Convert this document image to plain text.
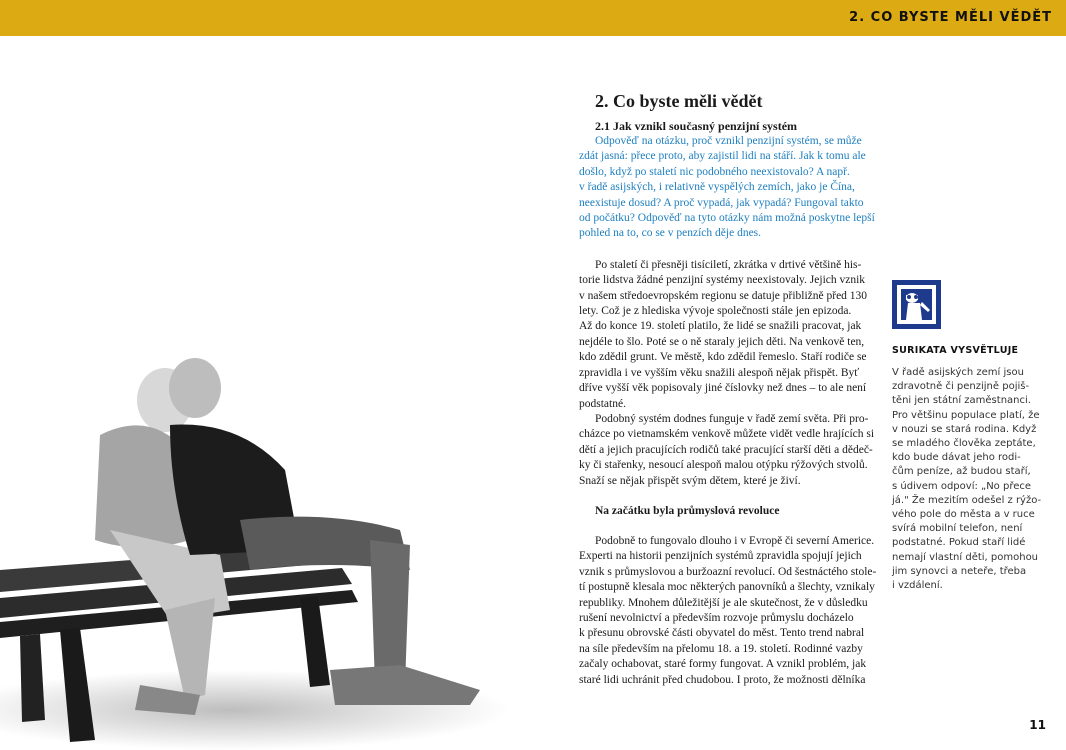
2. CO BYSTE MĚLI VĚDĚT
2. Co byste měli vědět
2.1 Jak vznikl současný penzijní systém
Odpověď na otázku, proč vznikl penzijní systém, se může
zdát jasná: přece proto, aby zajistil lidi na stáří. Jak k tomu ale
došlo, když po staletí nic podobného neexistovalo? A např.
v řadě asijských, i relativně vyspělých zemích, jako je Čína,
neexistuje dosud? A proč vypadá, jak vypadá? Fungoval takto
od počátku? Odpověď na tyto otázky nám možná poskytne lepší
pohled na to, co se v penzích děje dnes.
Po staletí či přesněji tisíciletí, zkrátka v drtivé většině his-
torie lidstva žádné penzijní systémy neexistovaly. Jejich vznik
v našem středoevropském regionu se datuje přibližně před 130
lety. Což je z hlediska vývoje společnosti stále jen epizoda.
Až do konce 19. století platilo, že lidé se snažili pracovat, jak
nejdéle to šlo. Poté se o ně staraly jejich děti. Na venkově ten,
kdo zdědil grunt. Ve městě, kdo zdědil řemeslo. Staří rodiče se
zpravidla i ve vyšším věku snažili alespoň nějak přispět. Byť
dříve vyšší věk popisovaly jiné číslovky než dnes – to ale není
podstatné.
Podobný systém dodnes funguje v řadě zemí světa. Při pro-
cházce po vietnamském venkově můžete vidět vedle hrajících si
dětí a jejich pracujících rodičů také pracující starší děti a dědeč-
ky či stařenky, nesoucí alespoň malou otýpku rýžových stvolů.
Snaží se nějak přispět svým dětem, které je živí.
Na začátku byla průmyslová revoluce
Podobně to fungovalo dlouho i v Evropě či severní Americe.
Experti na historii penzijních systémů zpravidla spojují jejich
vznik s průmyslovou a buržoazní revolucí. Od šestnáctého stole-
tí postupně klesala moc některých panovníků a šlechty, vznikaly
republiky. Mnohem důležitější je ale skutečnost, že v důsledku
rušení nevolnictví a především rozvoje průmyslu docházelo
k přesunu obrovské části obyvatel do měst. Tento trend nabral
na síle především na přelomu 18. a 19. století. Rodinné vazby
začaly ochabovat, staré formy fungovat. A vznikl problém, jak
staré lidi uchránit před chudobou. I proto, že možnosti dělníka
SURIKATA VYSVĚTLUJE
V řadě asijských zemí jsou
zdravotně či penzijně pojiš-
těni jen státní zaměstnanci.
Pro většinu populace platí, že
v nouzi se stará rodina. Když
se mladého člověka zeptáte,
kdo bude dávat jeho rodi-
čům peníze, až budou staří,
s údivem odpoví: „No přece
já." Že mezitím odešel z rýžo-
vého pole do města a v ruce
svírá mobilní telefon, není
podstatné. Pokud staří lidé
nemají vlastní děti, pomohou
jim synovci a neteře, třeba
i vzdálení.
11
